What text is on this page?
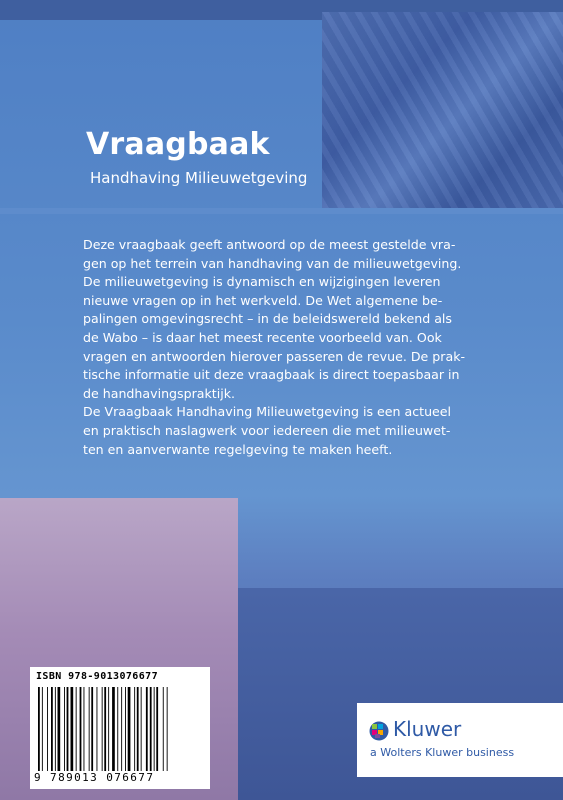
Vraagbaak
Handhaving Milieuwetgeving

Deze vraagbaak geeft antwoord op de meest gestelde vra-

gen op het terrein van handhaving van de milieuwetgeving.

De milieuwetgeving is dynamisch en wijzigingen leveren

nieuwe vragen op in het werkveld. De Wet algemene be-

palingen omgevingsrecht – in de beleidswereld bekend als

de Wabo – is daar het meest recente voorbeeld van. Ook

vragen en antwoorden hierover passeren de revue. De prak-

tische informatie uit deze vraagbaak is direct toepasbaar in

de handhavingspraktijk.

De Vraagbaak Handhaving Milieuwetgeving is een actueel

en praktisch naslagwerk voor iedereen die met milieuwet-

ten en aanverwante regelgeving te maken heeft.

ISBN 978-9013076677
9 789013 076677
Kluwer
a Wolters Kluwer business
